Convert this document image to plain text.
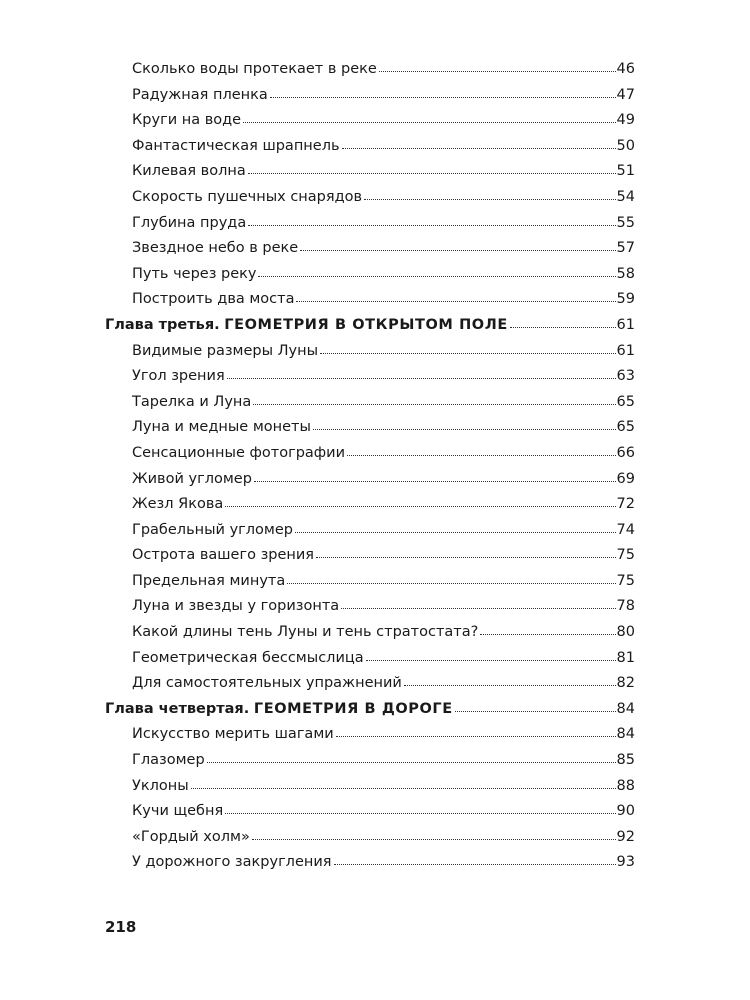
Сколько воды протекает в реке	46
Радужная пленка	47
Круги на воде	49
Фантастическая шрапнель	50
Килевая волна	51
Скорость пушечных снарядов	54
Глубина пруда	55
Звездное небо в реке	57
Путь через реку	58
Построить два моста	59
Глава третья. ГЕОМЕТРИЯ В ОТКРЫТОМ ПОЛЕ	61
Видимые размеры Луны	61
Угол зрения	63
Тарелка и Луна	65
Луна и медные монеты	65
Сенсационные фотографии	66
Живой угломер	69
Жезл Якова	72
Грабельный угломер	74
Острота вашего зрения	75
Предельная минута	75
Луна и звезды у горизонта	78
Какой длины тень Луны и тень стратостата?	80
Геометрическая бессмыслица	81
Для самостоятельных упражнений	82
Глава четвертая. ГЕОМЕТРИЯ В ДОРОГЕ	84
Искусство мерить шагами	84
Глазомер	85
Уклоны	88
Кучи щебня	90
«Гордый холм»	92
У дорожного закругления	93
218
